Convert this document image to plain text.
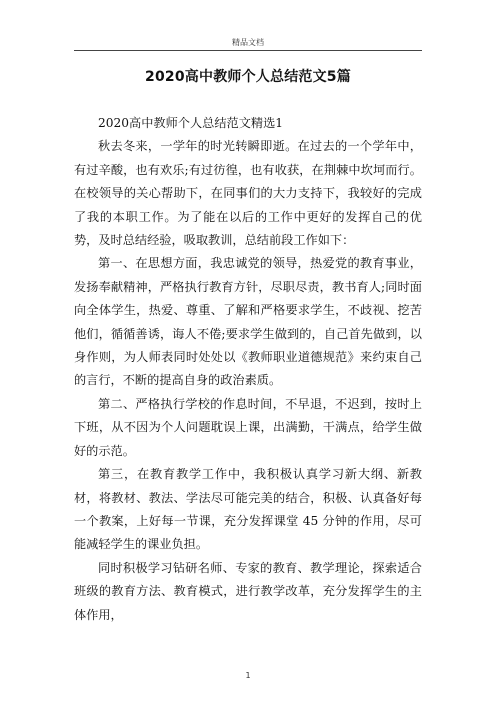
精品文档
2020高中教师个人总结范文5篇

2020高中教师个人总结范文精选1

秋去冬来，一学年的时光转瞬即逝。在过去的一个学年中，有过辛酸，也有欢乐;有过彷徨，也有收获，在荆棘中坎坷而行。在校领导的关心帮助下，在同事们的大力支持下，我较好的完成了我的本职工作。为了能在以后的工作中更好的发挥自己的优势，及时总结经验，吸取教训，总结前段工作如下：

第一、在思想方面，我忠诚党的领导，热爱党的教育事业，发扬奉献精神，严格执行教育方针，尽职尽责，教书育人;同时面向全体学生，热爱、尊重、了解和严格要求学生，不歧视、挖苦他们，循循善诱，诲人不倦;要求学生做到的，自己首先做到，以身作则，为人师表同时处处以《教师职业道德规范》来约束自己的言行，不断的提高自身的政治素质。

第二、严格执行学校的作息时间，不早退，不迟到，按时上下班，从不因为个人问题耽误上课，出满勤，干满点，给学生做好的示范。

第三，在教育教学工作中，我积极认真学习新大纲、新教材，将教材、教法、学法尽可能完美的结合，积极、认真备好每一个教案，上好每一节课，充分发挥课堂 45 分钟的作用，尽可能减轻学生的课业负担。

同时积极学习钻研名师、专家的教育、教学理论，探索适合班级的教育方法、教育模式，进行教学改革，充分发挥学生的主体作用，

1
